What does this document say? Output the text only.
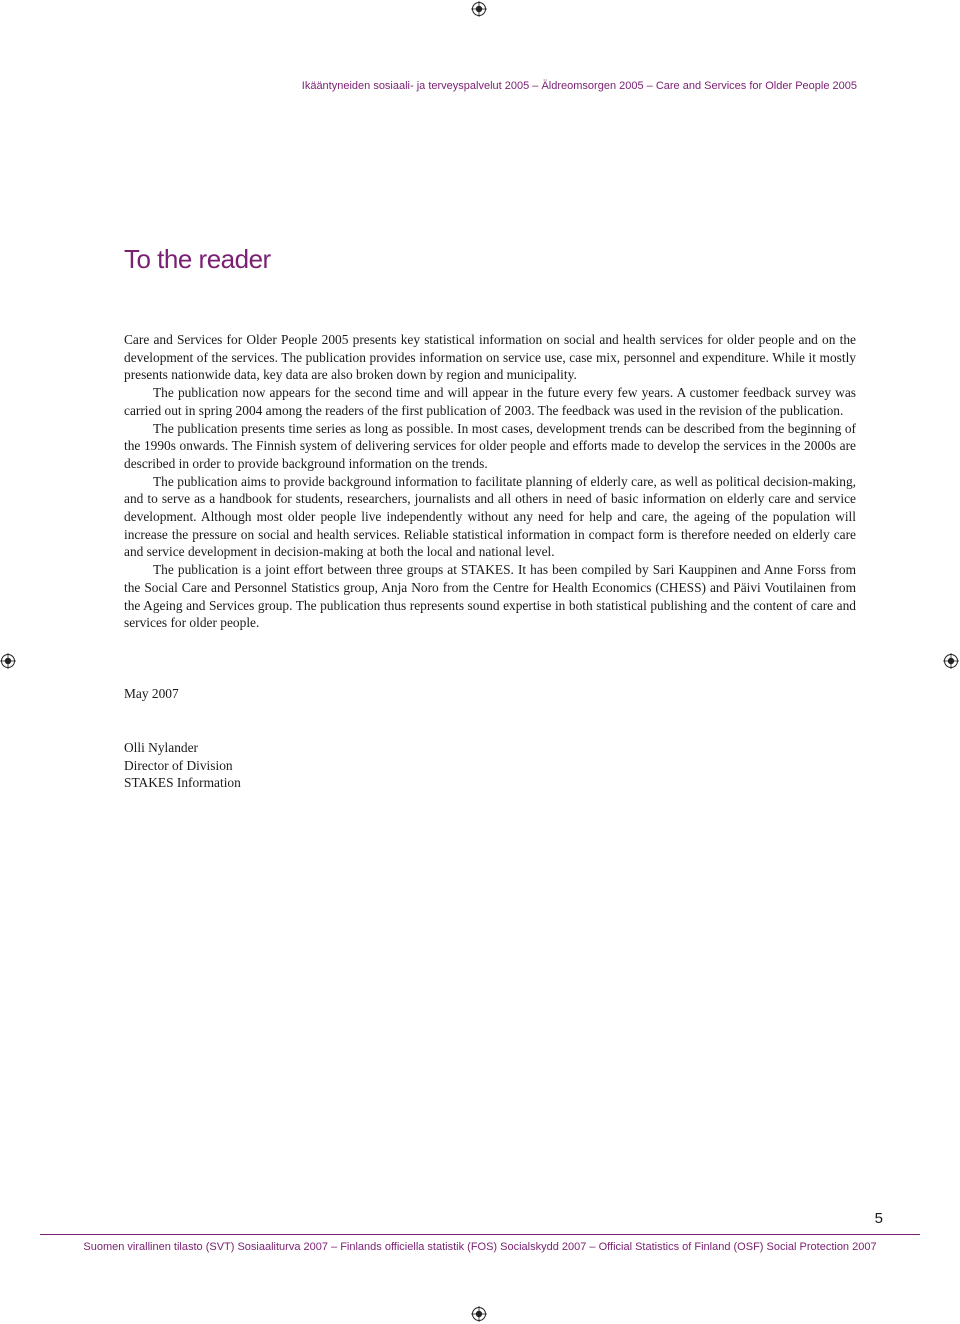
Ikääntyneiden sosiaali- ja terveyspalvelut 2005 – Äldreomsorgen 2005 – Care and Services for Older People 2005
To the reader

Care and Services for Older People 2005 presents key statistical information on social and health services for older people and on the development of the services. The publication provides information on service use, case mix, personnel and expenditure. While it mostly presents nationwide data, key data are also broken down by region and municipality.

The publication now appears for the second time and will appear in the future every few years. A customer feedback survey was carried out in spring 2004 among the readers of the first publication of 2003. The feedback was used in the revision of the publication.

The publication presents time series as long as possible. In most cases, development trends can be described from the beginning of the 1990s onwards. The Finnish system of delivering services for older people and efforts made to develop the services in the 2000s are described in order to provide background information on the trends.

The publication aims to provide background information to facilitate planning of elderly care, as well as political decision-making, and to serve as a handbook for students, researchers, journalists and all others in need of basic information on elderly care and service development. Although most older people live independently without any need for help and care, the ageing of the population will increase the pressure on social and health services. Reliable statistical information in compact form is therefore needed on elderly care and service development in decision-making at both the local and national level.

The publication is a joint effort between three groups at STAKES. It has been compiled by Sari Kauppinen and Anne Forss from the Social Care and Personnel Statistics group, Anja Noro from the Centre for Health Economics (CHESS) and Päivi Voutilainen from the Ageing and Services group. The publication thus represents sound expertise in both statistical publishing and the content of care and services for older people.

May 2007
Olli Nylander
Director of Division
STAKES Information
5
Suomen virallinen tilasto (SVT) Sosiaaliturva 2007 – Finlands officiella statistik (FOS) Socialskydd 2007 – Official Statistics of Finland (OSF) Social Protection 2007
